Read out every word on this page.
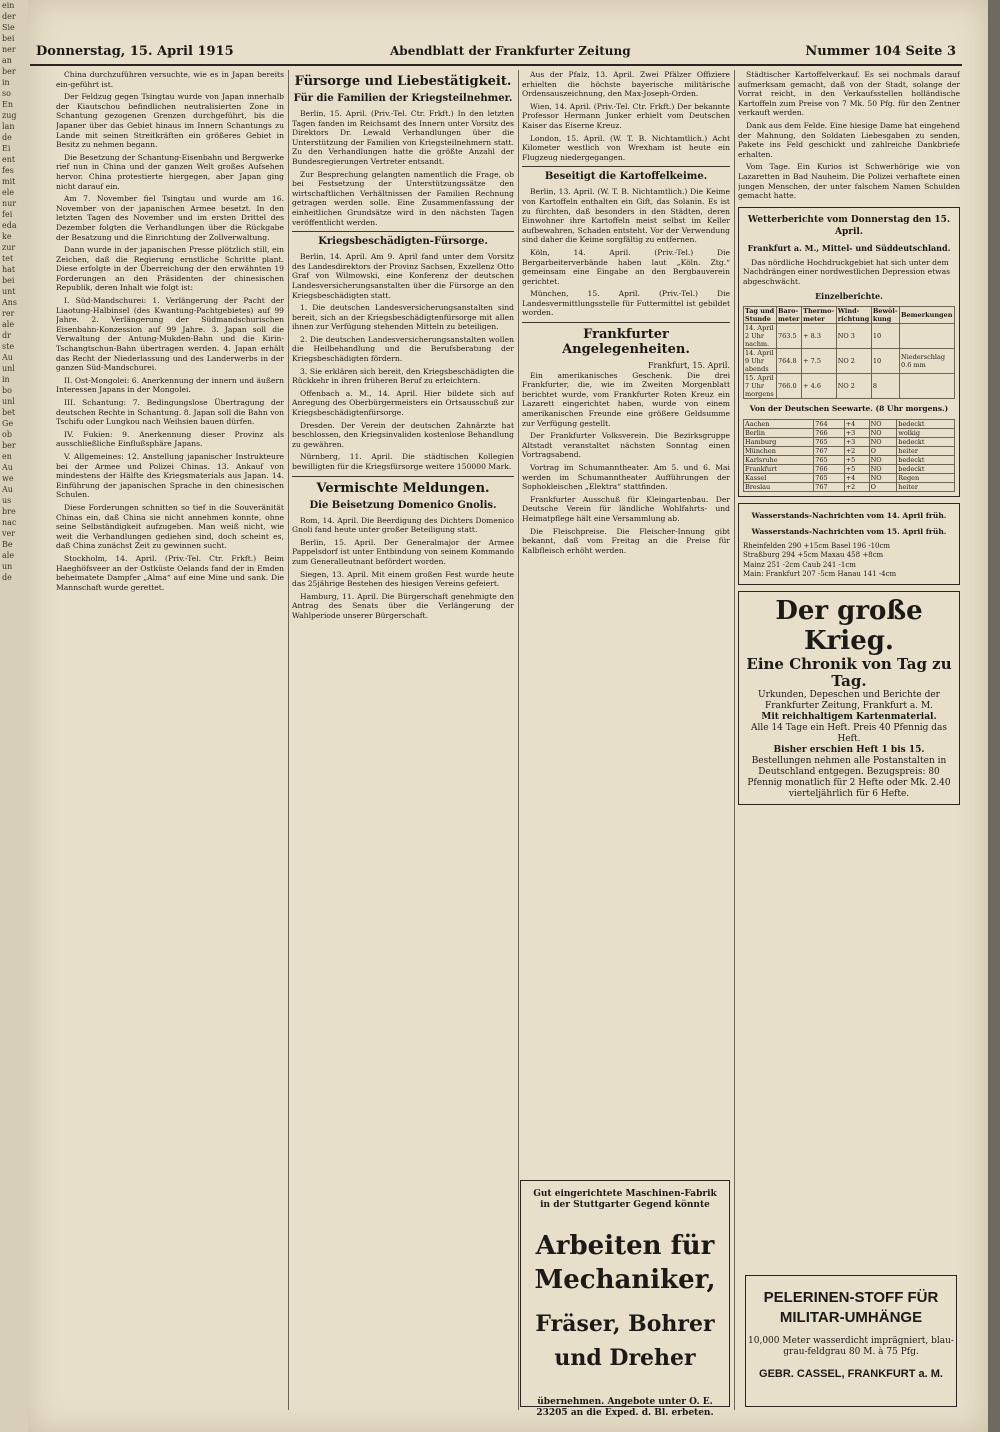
ein
der
Sie
bei
ner
an
ber
in
so
En
zug
lan
de
Ei
ent
fes
mit
ele
nur
fei
eda
ke
zur
tet
hat
bei
unt
Ans
rer
ale
dr
ste
Au
unl
in
bo
unl
bet
Ge
ob
ber
en
Au
we
Au
us
bre
nac
ver
Be
ale
un
de
Donnerstag, 15. April 1915	Abendblatt der Frankfurter Zeitung	Nummer 104 Seite 3

China durchzuführen versuchte, wie es in Japan bereits ein-geführt ist.

Der Feldzug gegen Tsingtau wurde von Japan innerhalb der Kiautschou befindlichen neutralisierten Zone in Schantung gezogenen Grenzen durchgeführt, bis die Japaner über das Gebiet hinaus im Innern Schantungs zu Lande mit seinen Streitkräften ein größeres Gebiet in Besitz zu nehmen begann.

Die Besetzung der Schantung-Eisenbahn und Bergwerke rief nun in China und der ganzen Welt großes Aufsehen hervor. China protestierte hiergegen, aber Japan ging nicht darauf ein.

Am 7. November fiel Tsingtau und wurde am 16. November von der japanischen Armee besetzt. In den letzten Tagen des November und im ersten Drittel des Dezember folgten die Verhandlungen über die Rückgabe der Besatzung und die Einrichtung der Zollverwaltung.

Dann wurde in der japanischen Presse plötzlich still, ein Zeichen, daß die Regierung ernstliche Schritte plant. Diese erfolgte in der Überreichung der den erwähnten 19 Forderungen an den Präsidenten der chinesischen Republik, deren Inhalt wie folgt ist:

I. Süd-Mandschurei: 1. Verlängerung der Pacht der Liaotung-Halbinsel (des Kwantung-Pachtgebietes) auf 99 Jahre. 2. Verlängerung der Südmandschurischen Eisenbahn-Konzession auf 99 Jahre. 3. Japan soll die Verwaltung der Antung-Mukden-Bahn und die Kirin-Tschangtschun-Bahn übertragen werden. 4. Japan erhält das Recht der Niederlassung und des Landerwerbs in der ganzen Süd-Mandschurei.

II. Ost-Mongolei: 6. Anerkennung der innern und äußern Interessen Japans in der Mongolei.

III. Schantung: 7. Bedingungslose Übertragung der deutschen Rechte in Schantung. 8. Japan soll die Bahn von Tschifu oder Lungkou nach Weihsien bauen dürfen.

IV. Fukien: 9. Anerkennung dieser Provinz als ausschließliche Einflußsphäre Japans.

V. Allgemeines: 12. Anstellung japanischer Instrukteure bei der Armee und Polizei Chinas. 13. Ankauf von mindestens der Hälfte des Kriegsmaterials aus Japan. 14. Einführung der japanischen Sprache in den chinesischen Schulen.

Diese Forderungen schnitten so tief in die Souveränität Chinas ein, daß China sie nicht annehmen konnte, ohne seine Selbständigkeit aufzugeben. Man weiß nicht, wie weit die Verhandlungen gediehen sind, doch scheint es, daß China zunächst Zeit zu gewinnen sucht.

Stockholm, 14. April. (Priv.-Tel. Ctr. Frkft.) Beim Haeghöfsveer an der Ostküste Oelands fand der in Emden beheimatete Dampfer „Alma“ auf eine Mine und sank. Die Mannschaft wurde gerettet.

Fürsorge und Liebestätigkeit.
Für die Familien der Kriegsteilnehmer.

Berlin, 15. April. (Priv.-Tel. Ctr. Frkft.) In den letzten Tagen fanden im Reichsamt des Innern unter Vorsitz des Direktors Dr. Lewald Verhandlungen über die Unterstützung der Familien von Kriegsteilnehmern statt. Zu den Verhandlungen hatte die größte Anzahl der Bundesregierungen Vertreter entsandt.

Zur Besprechung gelangten namentlich die Frage, ob bei Festsetzung der Unterstützungssätze den wirtschaftlichen Verhältnissen der Familien Rechnung getragen werden solle. Eine Zusammenfassung der einheitlichen Grundsätze wird in den nächsten Tagen veröffentlicht werden.

Kriegsbeschädigten-Fürsorge.

Berlin, 14. April. Am 9. April fand unter dem Vorsitz des Landesdirektors der Provinz Sachsen, Exzellenz Otto Graf von Wilmowski, eine Konferenz der deutschen Landesversicherungsanstalten über die Fürsorge an den Kriegsbeschädigten statt.

1. Die deutschen Landesversicherungsanstalten sind bereit, sich an der Kriegsbeschädigtenfürsorge mit allen ihnen zur Verfügung stehenden Mitteln zu beteiligen.

2. Die deutschen Landesversicherungsanstalten wollen die Heilbehandlung und die Berufsberatung der Kriegsbeschädigten fördern.

3. Sie erklären sich bereit, den Kriegsbeschädigten die Rückkehr in ihren früheren Beruf zu erleichtern.

Offenbach a. M., 14. April. Hier bildete sich auf Anregung des Oberbürgermeisters ein Ortsausschuß zur Kriegsbeschädigtenfürsorge.

Dresden. Der Verein der deutschen Zahnärzte hat beschlossen, den Kriegsinvaliden kostenlose Behandlung zu gewähren.

Nürnberg, 11. April. Die städtischen Kollegien bewilligten für die Kriegsfürsorge weitere 150000 Mark.

Vermischte Meldungen.
Die Beisetzung Domenico Gnolis.

Rom, 14. April. Die Beerdigung des Dichters Domenico Gnoli fand heute unter großer Beteiligung statt.

Berlin, 15. April. Der Generalmajor der Armee Pappelsdorf ist unter Entbindung von seinem Kommando zum Generalleutnant befördert worden.

Siegen, 13. April. Mit einem großen Fest wurde heute das 25jährige Bestehen des hiesigen Vereins gefeiert.

Hamburg, 11. April. Die Bürgerschaft genehmigte den Antrag des Senats über die Verlängerung der Wahlperiode unserer Bürgerschaft.

Aus der Pfalz, 13. April. Zwei Pfälzer Offiziere erhielten die höchste bayerische militärische Ordensauszeichnung, den Max-Joseph-Orden.

Wien, 14. April. (Priv.-Tel. Ctr. Frkft.) Der bekannte Professor Hermann Junker erhielt vom Deutschen Kaiser das Eiserne Kreuz.

London, 15. April. (W. T. B. Nichtamtlich.) Acht Kilometer westlich von Wrexham ist heute ein Flugzeug niedergegangen.

Beseitigt die Kartoffelkeime.

Berlin, 13. April. (W. T. B. Nichtamtlich.) Die Keime von Kartoffeln enthalten ein Gift, das Solanin. Es ist zu fürchten, daß besonders in den Städten, deren Einwohner ihre Kartoffeln meist selbst im Keller aufbewahren, Schaden entsteht. Vor der Verwendung sind daher die Keime sorgfältig zu entfernen.

Köln, 14. April. (Priv.-Tel.) Die Bergarbeiterverbände haben laut „Köln. Ztg.“ gemeinsam eine Eingabe an den Bergbauverein gerichtet.

München, 15. April. (Priv.-Tel.) Die Landesvermittlungsstelle für Futtermittel ist gebildet worden.

Frankfurter Angelegenheiten.
Frankfurt, 15. April.

Ein amerikanisches Geschenk. Die drei Frankfurter, die, wie im Zweiten Morgenblatt berichtet wurde, vom Frankfurter Roten Kreuz ein Lazarett eingerichtet haben, wurde von einem amerikanischen Freunde eine größere Geldsumme zur Verfügung gestellt.

Der Frankfurter Volksverein. Die Bezirksgruppe Altstadt veranstaltet nächsten Sonntag einen Vortragsabend.

Vortrag im Schumanntheater. Am 5. und 6. Mai werden im Schumanntheater Aufführungen der Sophokleischen „Elektra“ stattfinden.

Frankfurter Ausschuß für Kleingartenbau. Der Deutsche Verein für ländliche Wohlfahrts- und Heimatpflege hält eine Versammlung ab.

Die Fleischpreise. Die Fleischer-Innung gibt bekannt, daß vom Freitag an die Preise für Kalbfleisch erhöht werden.

Städtischer Kartoffelverkauf. Es sei nochmals darauf aufmerksam gemacht, daß von der Stadt, solange der Vorrat reicht, in den Verkaufsstellen holländische Kartoffeln zum Preise von 7 Mk. 50 Pfg. für den Zentner verkauft werden.

Dank aus dem Felde. Eine hiesige Dame hat eingehend der Mahnung, den Soldaten Liebesgaben zu senden, Pakete ins Feld geschickt und zahlreiche Dankbriefe erhalten.

Vom Tage. Ein Kurios ist Schwerhörige wie von Lazaretten in Bad Nauheim. Die Polizei verhaftete einen jungen Menschen, der unter falschem Namen Schulden gemacht hatte.

Wetterberichte vom Donnerstag den 15. April.
Frankfurt a. M., Mittel- und Süddeutschland.

Das nördliche Hochdruckgebiet hat sich unter dem Nachdrängen einer nordwestlichen Depression etwas abgeschwächt.

Einzelberichte.
Tag und Stunde	Baro-meter	Thermo-meter	Wind-richtung	Bewöl-kung	Bemerkungen
14. April 2 Uhr nachm.	763.5	+ 8.3	NO 3	10	
14. April 9 Uhr abends	764.8	+ 7.5	NO 2	10	Niederschlag 0.6 mm
15. April 7 Uhr morgens	766.0	+ 4.6	NO 2	8	
Von der Deutschen Seewarte. (8 Uhr morgens.)
Aachen	764	+4	NO	bedeckt
Berlin	766	+3	NO	wolkig
Hamburg	765	+3	NO	bedeckt
München	767	+2	O	heiter
Karlsruhe	765	+5	NO	bedeckt
Frankfurt	766	+5	NO	bedeckt
Kassel	765	+4	NO	Regen
Breslau	767	+2	O	heiter
Wasserstands-Nachrichten vom 14. April früh.
Wasserstands-Nachrichten vom 15. April früh.
Rheinfelden 290 +15cm Basel 196 -10cm
Straßburg 294 +5cm Maxau 458 +8cm
Mainz 251 -2cm Caub 241 -1cm
Main: Frankfurt 207 -5cm Hanau 141 -4cm
Der große Krieg.
Eine Chronik von Tag zu Tag.
Urkunden, Depeschen und Berichte der Frankfurter Zeitung, Frankfurt a. M.
Mit reichhaltigem Kartenmaterial.
Alle 14 Tage ein Heft. Preis 40 Pfennig das Heft.
Bisher erschien Heft 1 bis 15.
Bestellungen nehmen alle Postanstalten in Deutschland entgegen. Bezugspreis: 80 Pfennig monatlich für 2 Hefte oder Mk. 2.40 vierteljährlich für 6 Hefte.
PELERINEN-STOFF FÜR MILITAR-UMHÄNGE
10,000 Meter wasserdicht imprägniert, blau-grau-feldgrau 80 M. à 75 Pfg.
GEBR. CASSEL, FRANKFURT a. M.
Gut eingerichtete Maschinen-Fabrik in der Stuttgarter Gegend könnte
Arbeiten für Mechaniker,
Fräser, Bohrer und Dreher
übernehmen. Angebote unter O. E. 23205 an die Exped. d. Bl. erbeten.
